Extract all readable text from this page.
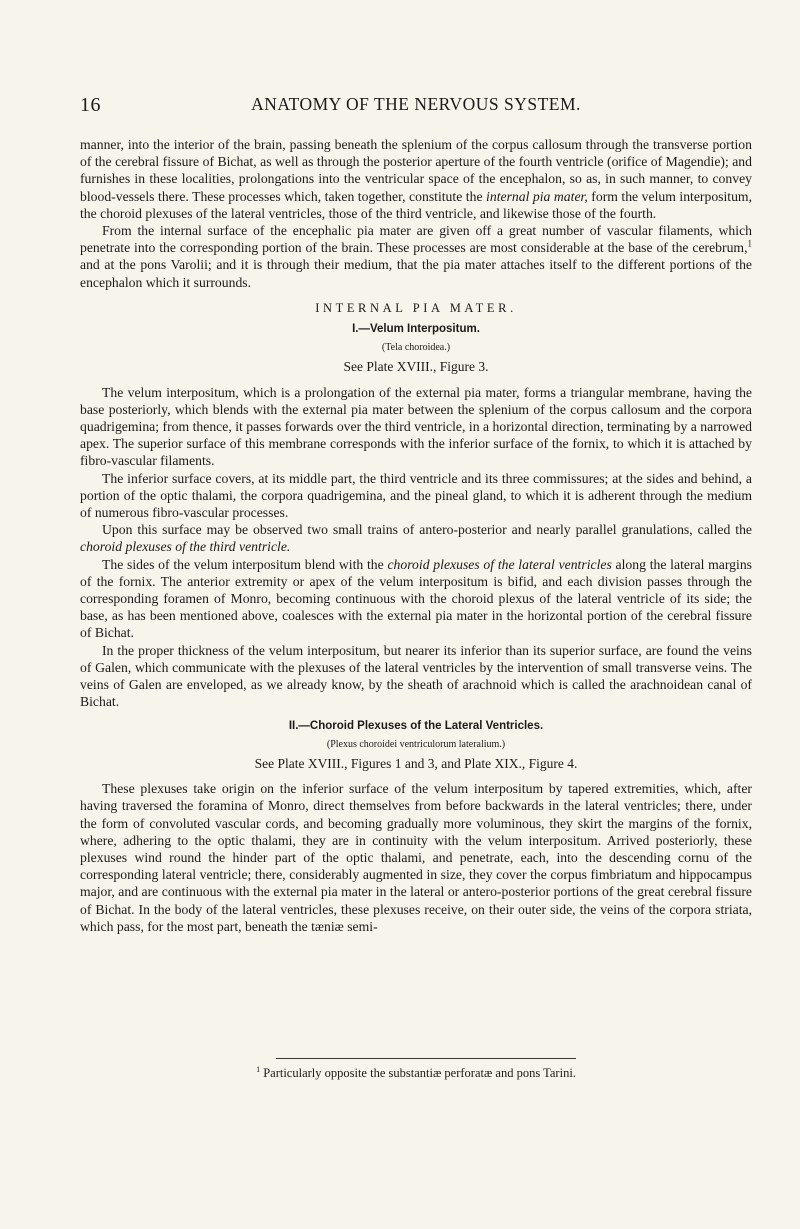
16	ANATOMY OF THE NERVOUS SYSTEM.

manner, into the interior of the brain, passing beneath the splenium of the corpus callosum through the transverse portion of the cerebral fissure of Bichat, as well as through the posterior aperture of the fourth ventricle (orifice of Magendie); and furnishes in these localities, prolongations into the ventricular space of the encephalon, so as, in such manner, to convey blood-vessels there. These processes which, taken together, constitute the internal pia mater, form the velum interpositum, the choroid plexuses of the lateral ventricles, those of the third ventricle, and likewise those of the fourth.

From the internal surface of the encephalic pia mater are given off a great number of vascular filaments, which penetrate into the corresponding portion of the brain. These processes are most considerable at the base of the cerebrum,$^1$ and at the pons Varolii; and it is through their medium, that the pia mater attaches itself to the different portions of the encephalon which it surrounds.

INTERNAL PIA MATER.
I.—Velum Interpositum.
(Tela choroidea.)
See Plate XVIII., Figure 3.

The velum interpositum, which is a prolongation of the external pia mater, forms a triangular membrane, having the base posteriorly, which blends with the external pia mater between the splenium of the corpus callosum and the corpora quadrigemina; from thence, it passes forwards over the third ventricle, in a horizontal direction, terminating by a narrowed apex. The superior surface of this membrane corresponds with the inferior surface of the fornix, to which it is attached by fibro-vascular filaments.

The inferior surface covers, at its middle part, the third ventricle and its three commissures; at the sides and behind, a portion of the optic thalami, the corpora quadrigemina, and the pineal gland, to which it is adherent through the medium of numerous fibro-vascular processes.

Upon this surface may be observed two small trains of antero-posterior and nearly parallel granulations, called the choroid plexuses of the third ventricle.

The sides of the velum interpositum blend with the choroid plexuses of the lateral ventricles along the lateral margins of the fornix. The anterior extremity or apex of the velum interpositum is bifid, and each division passes through the corresponding foramen of Monro, becoming continuous with the choroid plexus of the lateral ventricle of its side; the base, as has been mentioned above, coalesces with the external pia mater in the horizontal portion of the cerebral fissure of Bichat.

In the proper thickness of the velum interpositum, but nearer its inferior than its superior surface, are found the veins of Galen, which communicate with the plexuses of the lateral ventricles by the intervention of small transverse veins. The veins of Galen are enveloped, as we already know, by the sheath of arachnoid which is called the arachnoidean canal of Bichat.

II.—Choroid Plexuses of the Lateral Ventricles.
(Plexus choroidei ventriculorum lateralium.)
See Plate XVIII., Figures 1 and 3, and Plate XIX., Figure 4.

These plexuses take origin on the inferior surface of the velum interpositum by tapered extremities, which, after having traversed the foramina of Monro, direct themselves from before backwards in the lateral ventricles; there, under the form of convoluted vascular cords, and becoming gradually more voluminous, they skirt the margins of the fornix, where, adhering to the optic thalami, they are in continuity with the velum interpositum. Arrived posteriorly, these plexuses wind round the hinder part of the optic thalami, and penetrate, each, into the descending cornu of the corresponding lateral ventricle; there, considerably augmented in size, they cover the corpus fimbriatum and hippocampus major, and are continuous with the external pia mater in the lateral or antero-posterior portions of the great cerebral fissure of Bichat. In the body of the lateral ventricles, these plexuses receive, on their outer side, the veins of the corpora striata, which pass, for the most part, beneath the tæniæ semi-

$^1$ Particularly opposite the substantiæ perforatæ and pons Tarini.
